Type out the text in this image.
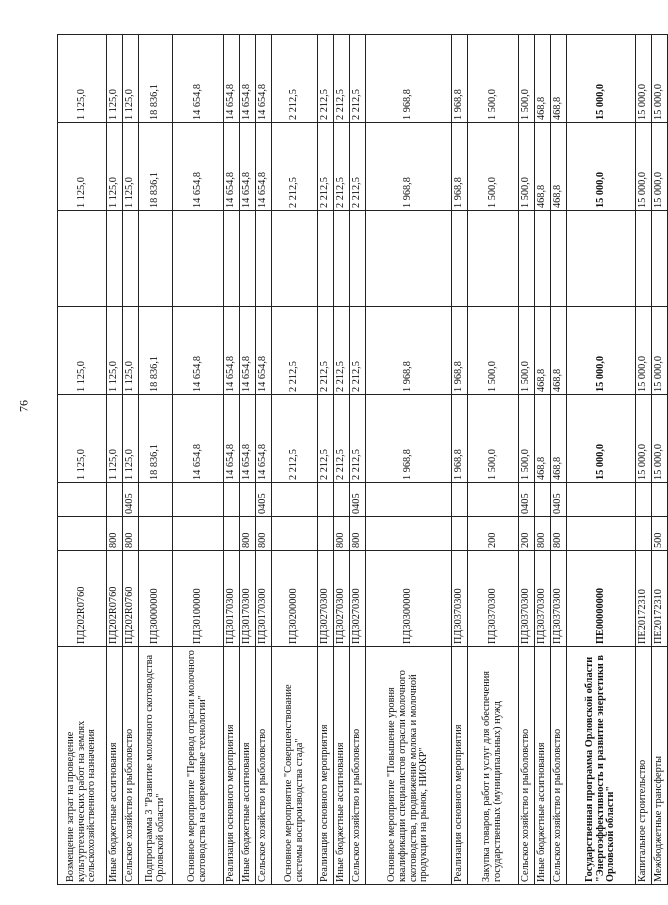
76
Возмещение затрат на проведение культуртехнических работ на землях сельскохозяйственного назначения	ПД202R0760			1 125,0	1 125,0		1 125,0	1 125,0
Иные бюджетные ассигнования	ПД202R0760	800		1 125,0	1 125,0		1 125,0	1 125,0
Сельское хозяйство и рыболовство	ПД202R0760	800	0405	1 125,0	1 125,0		1 125,0	1 125,0
Подпрограмма 3 "Развитие молочного скотоводства Орловской области"	ПД30000000			18 836,1	18 836,1		18 836,1	18 836,1
Основное мероприятие "Перевод отрасли молочного скотоводства на современные технологии"	ПД30100000			14 654,8	14 654,8		14 654,8	14 654,8
Реализация основного мероприятия	ПД30170300			14 654,8	14 654,8		14 654,8	14 654,8
Иные бюджетные ассигнования	ПД30170300	800		14 654,8	14 654,8		14 654,8	14 654,8
Сельское хозяйство и рыболовство	ПД30170300	800	0405	14 654,8	14 654,8		14 654,8	14 654,8
Основное мероприятие "Совершенствование системы воспроизводства стада"	ПД30200000			2 212,5	2 212,5		2 212,5	2 212,5
Реализация основного мероприятия	ПД30270300			2 212,5	2 212,5		2 212,5	2 212,5
Иные бюджетные ассигнования	ПД30270300	800		2 212,5	2 212,5		2 212,5	2 212,5
Сельское хозяйство и рыболовство	ПД30270300	800	0405	2 212,5	2 212,5		2 212,5	2 212,5
Основное мероприятие "Повышение уровня квалификации специалистов отрасли молочного скотоводства, продвижение молока и молочной продукции на рынок, НИОКР"	ПД30300000			1 968,8	1 968,8		1 968,8	1 968,8
Реализация основного мероприятия	ПД30370300			1 968,8	1 968,8		1 968,8	1 968,8
Закупка товаров, работ и услуг для обеспечения государственных (муниципальных) нужд	ПД30370300	200		1 500,0	1 500,0		1 500,0	1 500,0
Сельское хозяйство и рыболовство	ПД30370300	200	0405	1 500,0	1 500,0		1 500,0	1 500,0
Иные бюджетные ассигнования	ПД30370300	800		468,8	468,8		468,8	468,8
Сельское хозяйство и рыболовство	ПД30370300	800	0405	468,8	468,8		468,8	468,8
Государственная программа Орловской области "Энергоэффективность и развитие энергетики в Орловской области"	ПЕ00000000			15 000,0	15 000,0		15 000,0	15 000,0
Капитальное строительство	ПЕ20172310			15 000,0	15 000,0		15 000,0	15 000,0
Межбюджетные трансферты	ПЕ20172310	500		15 000,0	15 000,0		15 000,0	15 000,0
